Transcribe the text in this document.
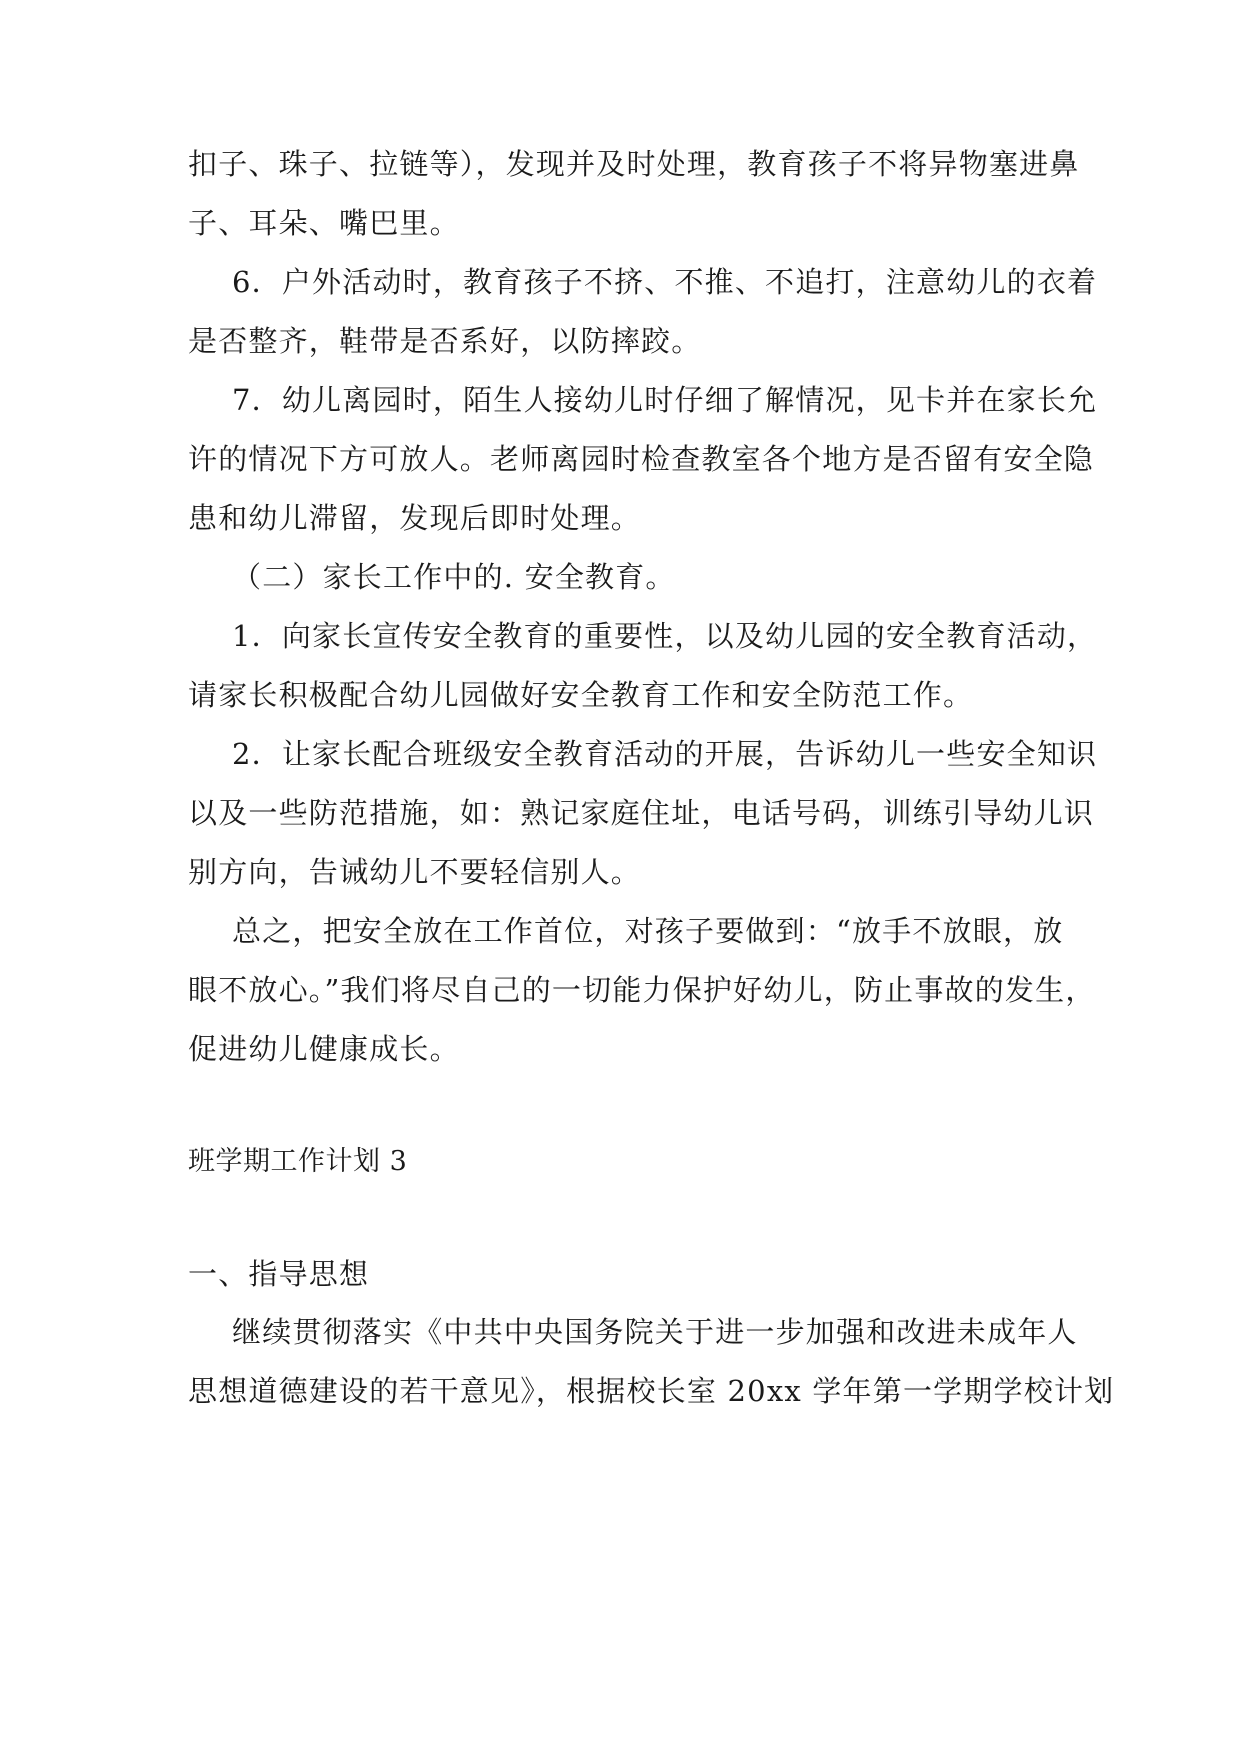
扣子、珠子、拉链等），发现并及时处理，教育孩子不将异物塞进鼻
子、耳朵、嘴巴里。
6．户外活动时，教育孩子不挤、不推、不追打，注意幼儿的衣着
是否整齐，鞋带是否系好，以防摔跤。
7．幼儿离园时，陌生人接幼儿时仔细了解情况，见卡并在家长允
许的情况下方可放人。老师离园时检查教室各个地方是否留有安全隐
患和幼儿滞留，发现后即时处理。
（二）家长工作中的. 安全教育。
1．向家长宣传安全教育的重要性，以及幼儿园的安全教育活动，
请家长积极配合幼儿园做好安全教育工作和安全防范工作。
2．让家长配合班级安全教育活动的开展，告诉幼儿一些安全知识
以及一些防范措施，如：熟记家庭住址，电话号码，训练引导幼儿识
别方向，告诫幼儿不要轻信别人。
总之，把安全放在工作首位，对孩子要做到：“放手不放眼，放
眼不放心。”我们将尽自己的一切能力保护好幼儿，防止事故的发生，
促进幼儿健康成长。
班学期工作计划 3
一、指导思想
继续贯彻落实《中共中央国务院关于进一步加强和改进未成年人
思想道德建设的若干意见》，根据校长室 20xx 学年第一学期学校计划
